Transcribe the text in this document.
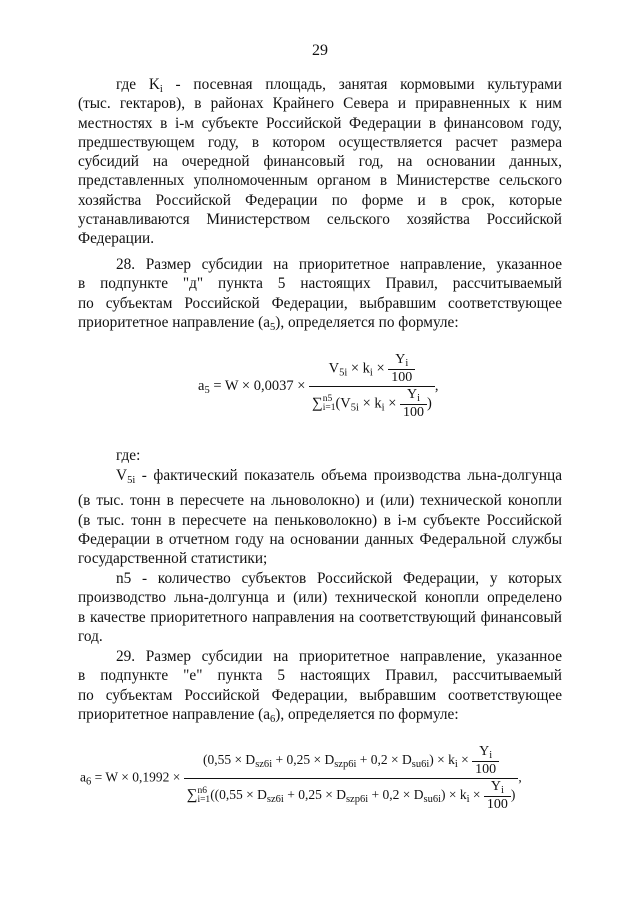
29
где $K_i$ - посевная площадь, занятая кормовыми культурами
(тыс. гектаров), в районах Крайнего Севера и приравненных к ним
местностях в i-м субъекте Российской Федерации в финансовом году,
предшествующем году, в котором осуществляется расчет размера
субсидий на очередной финансовый год, на основании данных,
представленных уполномоченным органом в Министерстве сельского
хозяйства Российской Федерации по форме и в срок, которые
устанавливаются Министерством сельского хозяйства Российской
Федерации.
28. Размер субсидии на приоритетное направление, указанное
в подпункте "д" пункта 5 настоящих Правил, рассчитываемый
по субъектам Российской Федерации, выбравшим соответствующее
приоритетное направление $(a_5)$, определяется по формуле:
$a_5 = W \times 0,0037$ ×
$V_{5i} \times k_i \times \frac{Y_i}{100}$
∑n5
$i=1(V_{5i} \times k_i \times \frac{Y_i}{100}$ )
,
где:
$V_{5i}$ - фактический показатель объема производства льна-долгунца
(в тыс. тонн в пересчете на льноволокно) и (или) технической конопли
(в тыс. тонн в пересчете на пеньковолокно) в i-м субъекте Российской
Федерации в отчетном году на основании данных Федеральной службы
государственной статистики;
n5 - количество субъектов Российской Федерации, у которых
производство льна-долгунца и (или) технической конопли определено
в качестве приоритетного направления на соответствующий финансовый
год.
29. Размер субсидии на приоритетное направление, указанное
в подпункте "е" пункта 5 настоящих Правил, рассчитываемый
по субъектам Российской Федерации, выбравшим соответствующее
приоритетное направление $(a_6)$, определяется по формуле:
$a_6 = W \times 0,1992$ ×
$(0,55 \times D_{sz6i} + 0,25 \times D_{szp6i} + 0,2 \times D_{su6i}) \times k_i \times \frac{Y_i}{100}$
∑n6
$i=1((0,55 \times D_{sz6i} + 0,25 \times D_{szp6i} + 0,2 \times D_{su6i}) \times k_i \times \frac{Y_i}{100}$ )
,
